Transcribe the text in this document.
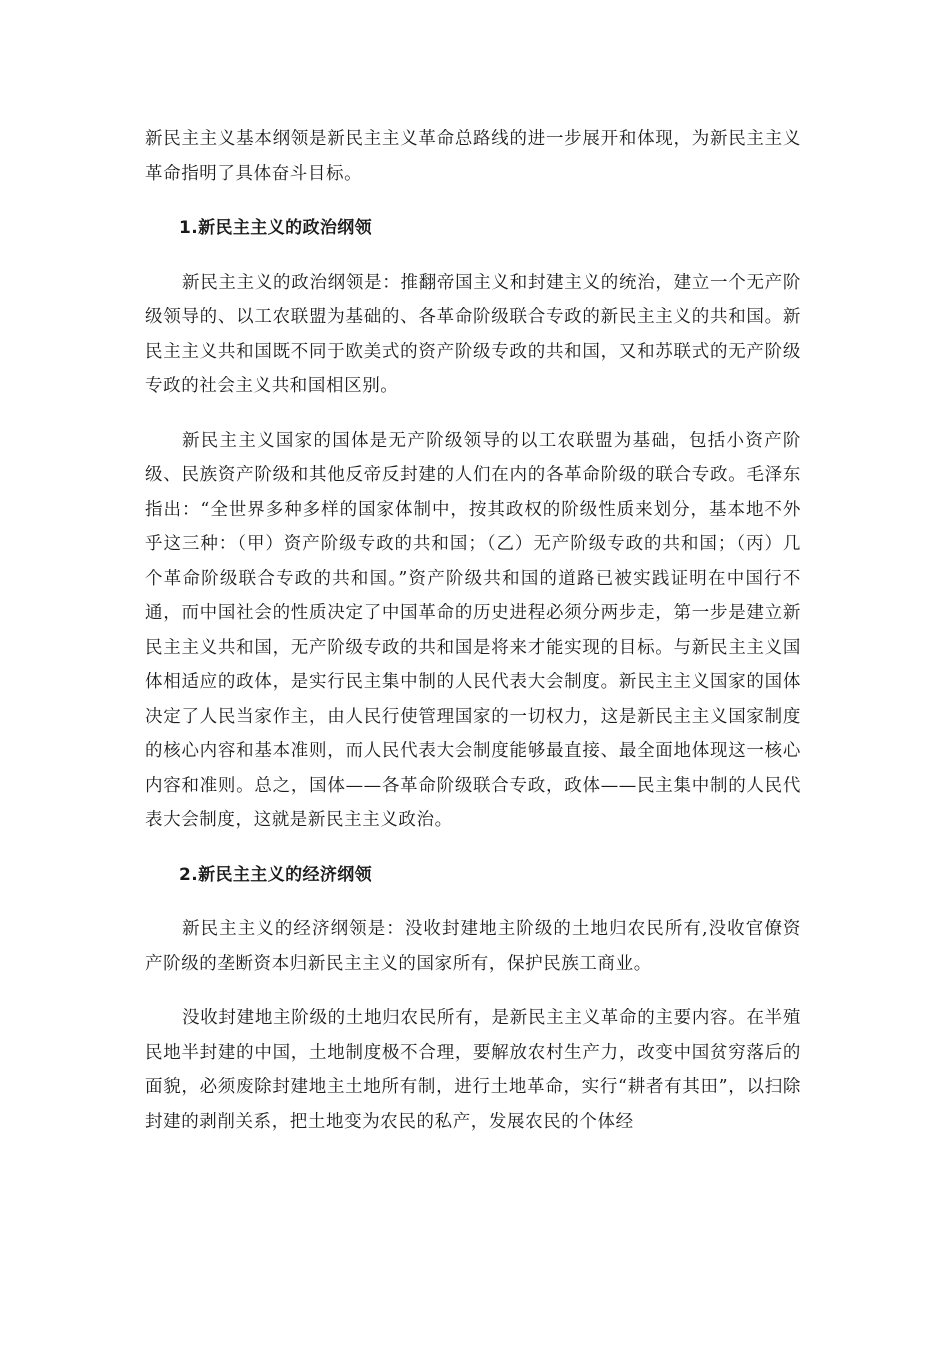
新民主主义基本纲领是新民主主义革命总路线的进一步展开和体现，为新民主主义革命指明了具体奋斗目标。

1.新民主主义的政治纲领

新民主主义的政治纲领是：推翻帝国主义和封建主义的统治，建立一个无产阶级领导的、以工农联盟为基础的、各革命阶级联合专政的新民主主义的共和国。新民主主义共和国既不同于欧美式的资产阶级专政的共和国，又和苏联式的无产阶级专政的社会主义共和国相区别。

新民主主义国家的国体是无产阶级领导的以工农联盟为基础，包括小资产阶级、民族资产阶级和其他反帝反封建的人们在内的各革命阶级的联合专政。毛泽东指出：“全世界多种多样的国家体制中，按其政权的阶级性质来划分，基本地不外乎这三种：（甲）资产阶级专政的共和国；（乙）无产阶级专政的共和国；（丙）几个革命阶级联合专政的共和国。”资产阶级共和国的道路已被实践证明在中国行不通，而中国社会的性质决定了中国革命的历史进程必须分两步走，第一步是建立新民主主义共和国，无产阶级专政的共和国是将来才能实现的目标。与新民主主义国体相适应的政体，是实行民主集中制的人民代表大会制度。新民主主义国家的国体决定了人民当家作主，由人民行使管理国家的一切权力，这是新民主主义国家制度的核心内容和基本准则，而人民代表大会制度能够最直接、最全面地体现这一核心内容和准则。总之，国体——各革命阶级联合专政，政体——民主集中制的人民代表大会制度，这就是新民主主义政治。

2.新民主主义的经济纲领

新民主主义的经济纲领是：没收封建地主阶级的土地归农民所有,没收官僚资产阶级的垄断资本归新民主主义的国家所有，保护民族工商业。

没收封建地主阶级的土地归农民所有，是新民主主义革命的主要内容。在半殖民地半封建的中国，土地制度极不合理，要解放农村生产力，改变中国贫穷落后的面貌，必须废除封建地主土地所有制，进行土地革命，实行“耕者有其田”，以扫除封建的剥削关系，把土地变为农民的私产，发展农民的个体经
